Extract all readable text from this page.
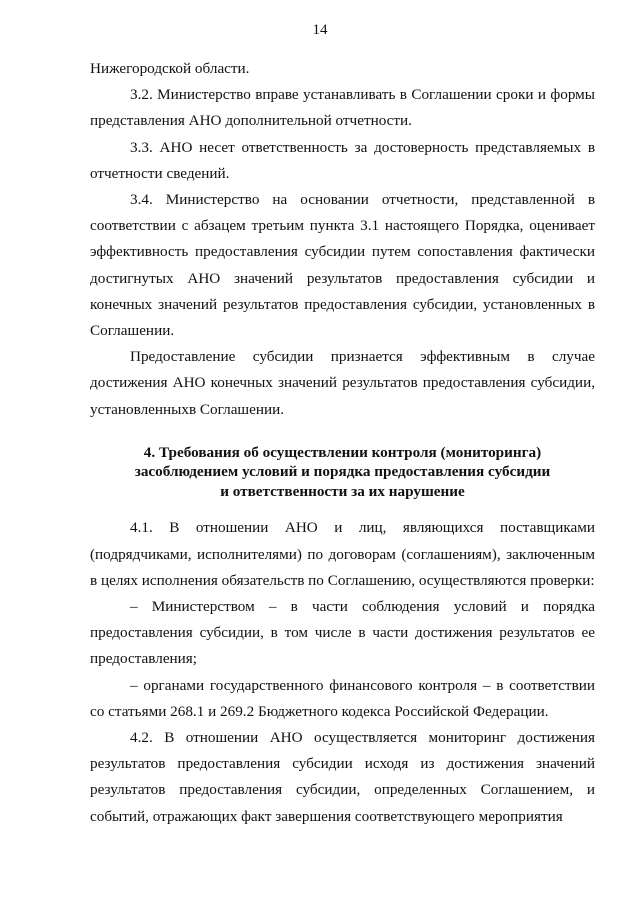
14

Нижегородской области.

3.2. Министерство вправе устанавливать в Соглашении сроки и формы представления АНО дополнительной отчетности.

3.3. АНО несет ответственность за достоверность представляемых в отчетности сведений.

3.4. Министерство на основании отчетности, представленной в соответствии с абзацем третьим пункта 3.1 настоящего Порядка, оценивает эффективность предоставления субсидии путем сопоставления фактически достигнутых АНО значений результатов предоставления субсидии и конечных значений результатов предоставления субсидии, установленных в Соглашении.

Предоставление субсидии признается эффективным в случае достижения АНО конечных значений результатов предоставления субсидии, установленныхв Соглашении.

4. Требования об осуществлении контроля (мониторинга)
засоблюдением условий и порядка предоставления субсидии
и ответственности за их нарушение

4.1. В отношении АНО и лиц, являющихся поставщиками (подрядчиками, исполнителями) по договорам (соглашениям), заключенным в целях исполнения обязательств по Соглашению, осуществляются проверки:

– Министерством – в части соблюдения условий и порядка предоставления субсидии, в том числе в части достижения результатов ее предоставления;

– органами государственного финансового контроля – в соответствии со статьями 268.1 и 269.2 Бюджетного кодекса Российской Федерации.

4.2. В отношении АНО осуществляется мониторинг достижения результатов предоставления субсидии исходя из достижения значений результатов предоставления субсидии, определенных Соглашением, и событий, отражающих факт завершения соответствующего мероприятия
